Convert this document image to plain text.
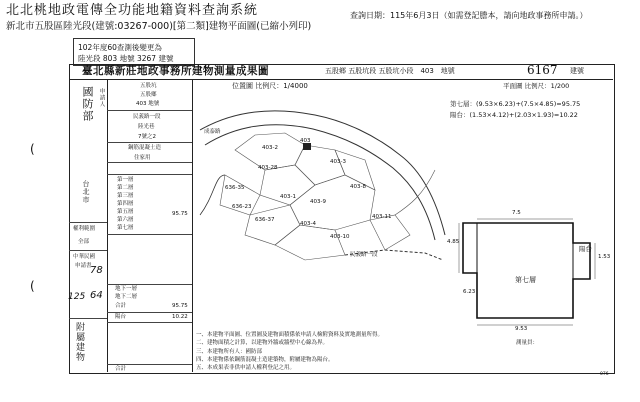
北北桃地政電傳全功能地籍資料查詢系統
新北市五股區陸光段(建號:03267-000)[第二類]建物平面圖(已縮小列印)
查詢日期：115年6月3日（如需登記謄本，請向地政事務所申請。）
102年度60查測後變更為
陸光段 803 地號 3267 建號
(
(
臺北縣新莊地政事務所建物測量成果圖	五股鄉 五股坑段 五股坑小段　403　地號	6167 建號
國防部 申請人
台北市
權利範圍
全部
中華民國
申請書
78
125 64
附屬建物
五股坑
五股鄉
403 地號
民義路一段
陸光巷
7號之2
鋼筋混凝土造
住家用
第一層
第二層
第三層
第四層
第五層
第六層
第七層
95.75
地下一層
地下二層
合計	95.75
陽台	10.22
合計
位置圖 比例尺：1/4000
403
403-2
403-28
403-3
403-8
403-9
403-1
636-35
636-23
636-37
403-4
403-10
403-11
成泰路
民義路一段
平面圖 比例尺：1/200
第七層：(9.53×6.23)+(7.5×4.85)=95.75
陽台：(1.53×4.12)+(2.03×1.93)=10.22
7.5
4.85
6.23
1.53
9.53
第七層
陽台
一、本建物平面圖、位置圖及建物面積係依申請人檢附資料及實地測量所得。
二、建物面積之計算，以建物外牆或牆壁中心線為界。
三、本建物所有人：國防部
四、本建物係依鋼筋混凝土造建築物，附屬建物為陽台。
五、本成果表非供申請人權利登記之用。
測量員：
076
